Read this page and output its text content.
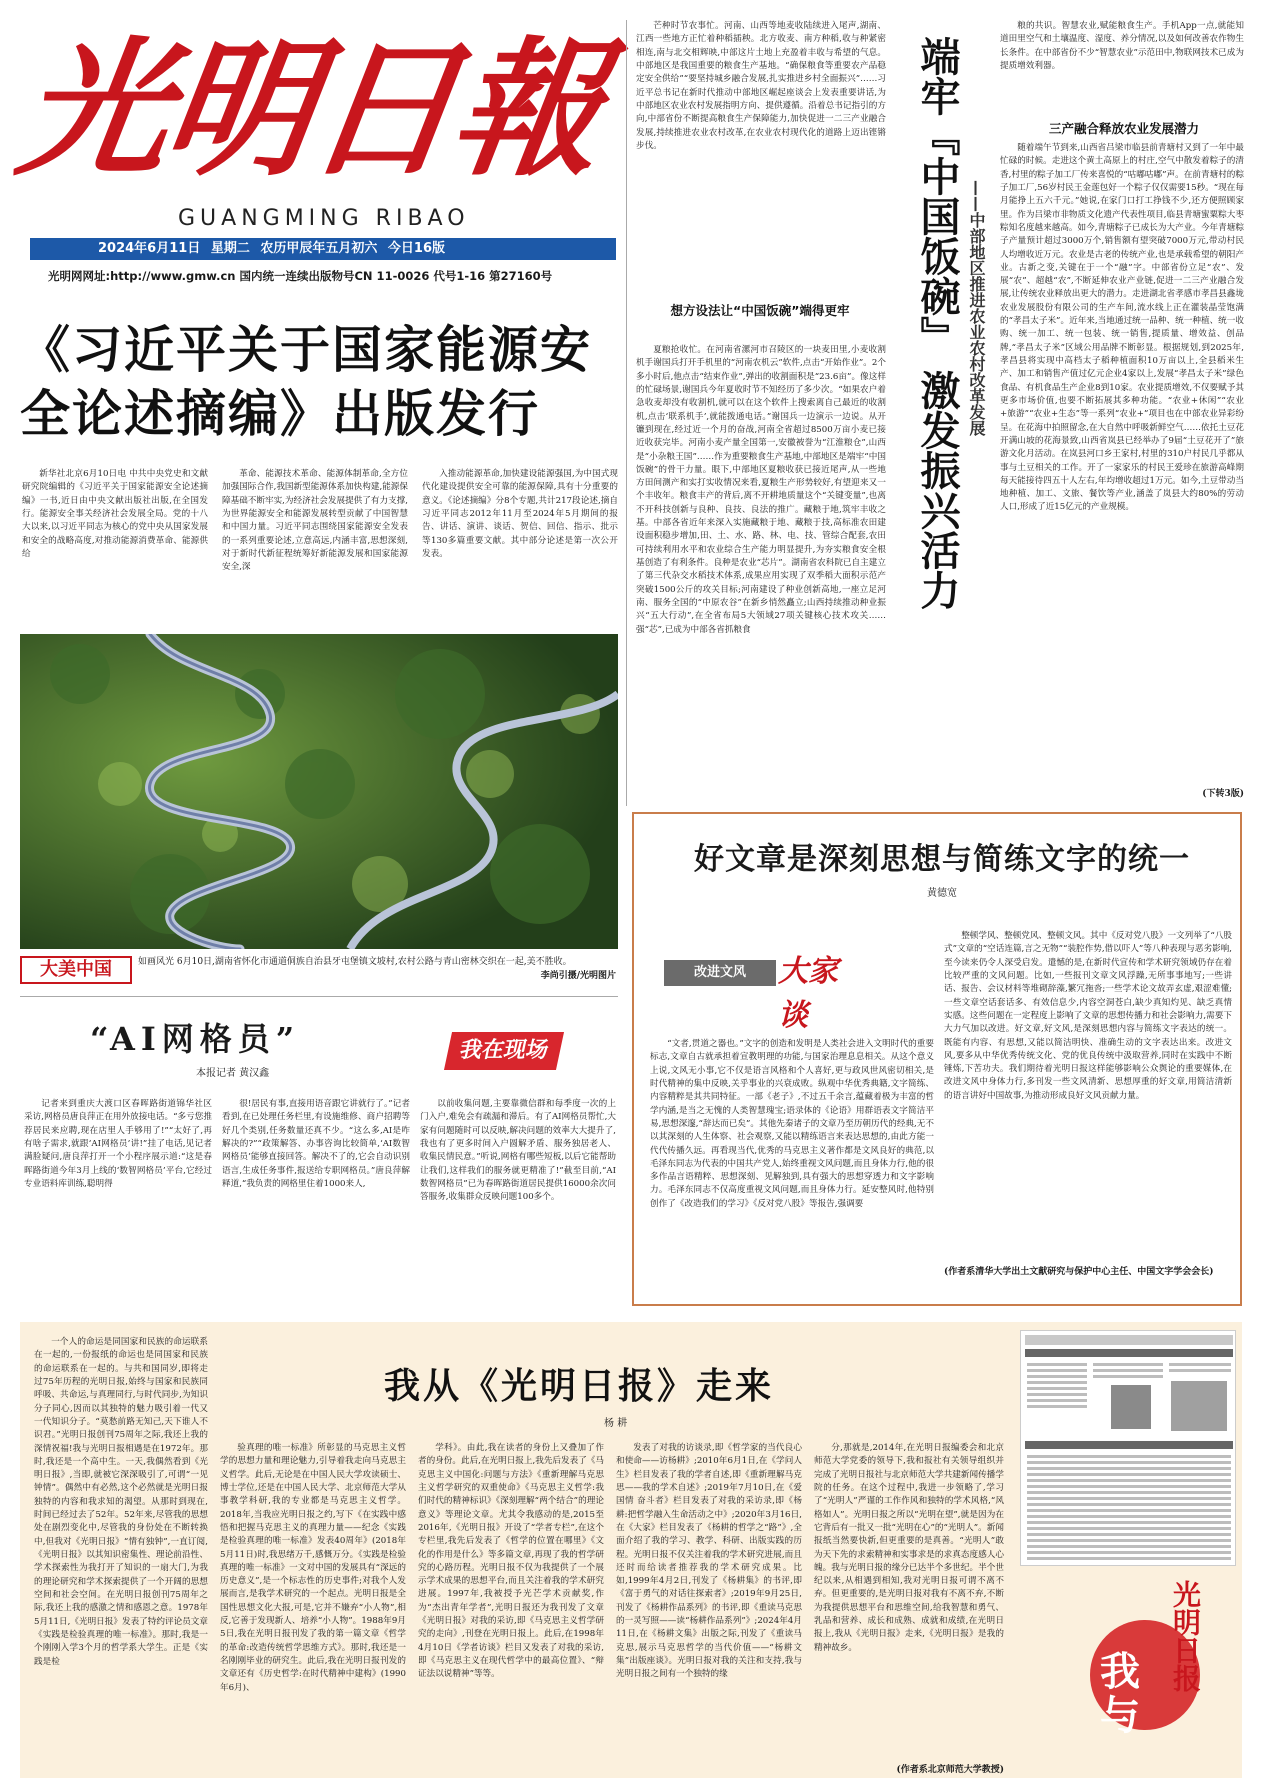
光明日報
GUANGMING RIBAO
2024年6月11日 星期二 农历甲辰年五月初六 今日16版
光明网网址:http://www.gmw.cn 国内统一连续出版物号CN 11-0026 代号1-16 第27160号
《习近平关于国家能源安全论述摘编》出版发行

新华社北京6月10日电 中共中央党史和文献研究院编辑的《习近平关于国家能源安全论述摘编》一书,近日由中央文献出版社出版,在全国发行。能源安全事关经济社会发展全局。党的十八大以来,以习近平同志为核心的党中央从国家发展和安全的战略高度,对推动能源消费革命、能源供给

革命、能源技术革命、能源体制革命,全方位加强国际合作,我国新型能源体系加快构建,能源保障基础不断牢实,为经济社会发展提供了有力支撑,为世界能源安全和能源发展转型贡献了中国智慧和中国力量。习近平同志围绕国家能源安全发表的一系列重要论述,立意高远,内涵丰富,思想深刻,对于新时代新征程统筹好新能源发展和国家能源安全,深

入推动能源革命,加快建设能源强国,为中国式现代化建设提供安全可靠的能源保障,具有十分重要的意义。《论述摘编》分8个专题,共计217段论述,摘自习近平同志2012年11月至2024年5月期间的报告、讲话、演讲、谈话、贺信、回信、指示、批示等130多篇重要文献。其中部分论述是第一次公开发表。

大美中国	如画风光 6月10日,湖南省怀化市通道侗族自治县牙屯堡镇文坡村,农村公路与青山密林交织在一起,美不胜收。
李尚引摄/光明图片
“AI网格员”
本报记者 黄汉鑫
我在现场

记者来到重庆大渡口区春晖路街道锦华社区采访,网格员唐良萍正在用外放接电话。“多亏您推荐居民来应聘,现在店里人手够用了!”“太好了,再有啥子需求,就跟‘AI网格员’讲!”挂了电话,见记者满脸疑问,唐良萍打开一个小程序展示道:“这是春晖路街道今年3月上线的‘数智网格员’平台,它经过专业语料库训练,聪明得

很!居民有事,直接用语音跟它讲就行了。”记者看到,在已处理任务栏里,有设施维修、商户招聘等好几个类别,任务数量还真不少。“这么多,AI是咋解决的?”“政策解答、办事咨询比较简单,‘AI数智网格员’能够直接回答。解决不了的,它会自动识别语言,生成任务事件,报送给专职网格员。”唐良萍解释道,“我负责的网格里住着1000来人,

以前收集问题,主要靠微信群和每季度一次的上门入户,难免会有疏漏和滞后。有了AI网格员帮忙,大家有问题随时可以反映,解决问题的效率大大提升了,我也有了更多时间入户圆解矛盾、服务独居老人、收集民情民意。”听说,网格有哪些短板,以后它能帮助让我们,这样我们的服务就更精准了!”截至目前,“AI数智网格员”已为春晖路街道居民提供16000余次问答服务,收集群众反映问题100多个。

芒种时节农事忙。河南、山西等地麦收陆续进入尾声,湖南、江西一些地方正忙着种稻插秧。北方收麦、南方种稻,收与种紧密相连,南与北交相辉映,中部这片土地上充盈着丰收与希望的气息。中部地区是我国重要的粮食生产基地。“确保粮食等重要农产品稳定安全供给”“要坚持城乡融合发展,扎实推进乡村全面振兴”……习近平总书记在新时代推动中部地区崛起座谈会上发表重要讲话,为中部地区农业农村发展指明方向、提供遵循。沿着总书记指引的方向,中部省份不断提高粮食生产保障能力,加快促进一二三产业融合发展,持续推进农业农村改革,在农业农村现代化的道路上迈出铿锵步伐。

想方设法让“中国饭碗”端得更牢

夏粮抢收忙。在河南省漯河市召陵区的一块麦田里,小麦收割机手谢国兵打开手机里的“河南农机云”软件,点击“开始作业”。2个多小时后,他点击“结束作业”,弹出的收割面积是“23.6亩”。像这样的忙碌场景,谢国兵今年夏收时节不知经历了多少次。“如果农户着急收麦却没有收割机,就可以在这个软件上搜索离自己最近的收割机,点击‘联系机手’,就能拨通电话。”谢国兵一边演示一边说。从开镰到现在,经过近一个月的奋战,河南全省超过8500万亩小麦已接近收获完毕。河南小麦产量全国第一,安徽被誉为“江淮粮仓”,山西是“小杂粮王国”……作为重要粮食生产基地,中部地区是端牢“中国饭碗”的骨干力量。眼下,中部地区夏粮收获已接近尾声,从一些地方田间测产和实打实收情况来看,夏粮生产形势较好,有望迎来又一个丰收年。粮食丰产的背后,离不开耕地质量这个“关键变量”,也离不开科技创新与良种、良技、良法的推广。藏粮于地,筑牢丰收之基。中部各省近年来深入实施藏粮于地、藏粮于技,高标准农田建设面积稳步增加,田、土、水、路、林、电、技、管综合配套,农田可持续利用水平和农业综合生产能力明显提升,为夯实粮食安全根基创造了有利条件。良种是农业“芯片”。湖南省农科院已自主建立了第三代杂交水稻技术体系,成果应用实现了双季稻大面积示范产突破1500公斤的攻关目标;河南建设了种业创新高地,一座立足河南、服务全国的“中原农谷”在新乡悄然矗立;山西持续推动种业振兴“五大行动”,在全省布局5大领域27项关键核心技术攻关……强“芯”,已成为中部各省抓粮食

端牢『中国饭碗』 激发振兴活力 ——中部地区推进农业农村改革发展

粮的共识。智慧农业,赋能粮食生产。手机App一点,就能知道田里空气和土壤温度、湿度、养分情况,以及如何改善农作物生长条件。在中部省份不少“智慧农业”示范田中,物联网技术已成为提质增效利器。

三产融合释放农业发展潜力

随着端午节到来,山西省吕梁市临县前青塘村又到了一年中最忙碌的时候。走进这个黄土高原上的村庄,空气中散发着粽子的清香,村里的粽子加工厂传来喜悦的“咕嘟咕嘟”声。在前青塘村的粽子加工厂,56岁村民王金莲包好一个粽子仅仅需要15秒。“现在每月能挣上五六千元。”她说,在家门口打工挣钱不少,还方便照顾家里。作为吕梁市非物质文化遗产代表性项目,临县青塘蜜粟粽大枣粽知名度越来越高。如今,青塘粽子已成长为大产业。今年青塘粽子产量预计超过3000万个,销售额有望突破7000万元,带动村民人均增收近万元。农业是古老的传统产业,也是承载希望的朝阳产业。古新之变,关键在于一个“融”字。中部省份立足“农”、发展“农”、超越“农”,不断延伸农业产业链,促进一二三产业融合发展,让传统农业释放出更大的潜力。走进湖北省孝感市孝昌县鑫垅农业发展股份有限公司的生产车间,流水线上正在灌装晶莹饱满的“孝昌太子米”。近年来,当地通过统一品种、统一种植、统一收购、统一加工、统一包装、统一销售,提质量、增效益、创品牌,“孝昌太子米”区域公用品牌不断彰显。根据规划,到2025年,孝昌县将实现中高档太子稻种植面积10万亩以上,全县稻米生产、加工和销售产值过亿元企业4家以上,发展“孝昌太子米”绿色食品、有机食品生产企业8到10家。农业提质增效,不仅要赋予其更多市场价值,也要不断拓展其多种功能。“农业+休闲”“农业+旅游”“农业+生态”等一系列“农业+”项目也在中部农业异彩纷呈。在花海中拍照留念,在大自然中呼吸新鲜空气……依托土豆花开满山坡的花海景致,山西省岚县已经举办了9届“土豆花开了”旅游文化月活动。在岚县河口乡王家村,村里的310户村民几乎都从事与土豆相关的工作。开了一家家乐的村民王爱珍在旅游高峰期每天能接待四五十人左右,年均增收超过1万元。如今,土豆带动当地种植、加工、文旅、餐饮等产业,涵盖了岚县大约80%的劳动人口,形成了近15亿元的产业规模。

(下转3版)
好文章是深刻思想与简练文字的统一
黄德宽
改进文风	大家谈

“文者,贯道之器也。”文字的创造和发明是人类社会进入文明时代的重要标志,文章自古就承担着宣教明理的功能,与国家治理息息相关。从这个意义上说,文风无小事,它不仅是语言风格和个人喜好,更与政风世风密切相关,是时代精神的集中反映,关乎事业的兴衰成败。纵观中华优秀典籍,文字简练、内容精粹是其共同特征。一部《老子》,不过五千余言,蕴藏着极为丰富的哲学内涵,是当之无愧的人类智慧瑰宝;语录体的《论语》用群语表文字简洁平易,思想深邃,“辞达而已矣”。其他先秦诸子的文章乃至历朝历代的经典,无不以其深刻的人生体察、社会观察,又能以精练语言来表达思想的,由此方能一代代传播久远。再看现当代,优秀的马克思主义著作都是文风良好的典范,以毛泽东同志为代表的中国共产党人,始终重视文风问题,而且身体力行,他的很多作品言语精粹、思想深刻、见解独到,具有强大的思想穿透力和文字影响力。毛泽东同志不仅高度重视文风问题,而且身体力行。延安整风时,他特别创作了《改造我们的学习》《反对党八股》等报告,强调要

整顿学风、整顿党风、整顿文风。其中《反对党八股》一文列举了“八股式”文章的“空话连篇,言之无物”“装腔作势,借以吓人”等八种表现与恶劣影响,至今读来仍令人深受启发。遣憾的是,在新时代宣传和学术研究领域仍存在着比较严重的文风问题。比如,一些报刊文章文风浮躁,无所事事地写;一些讲话、报告、会议材料等堆砌辞藻,繁冗拖沓;一些学术论文故弄玄虚,艰涩难懂;一些文章空话套话多、有效信息少,内容空洞苍白,缺少真知灼见、缺乏真情实感。这些问题在一定程度上影响了文章的思想传播力和社会影响力,需要下大力气加以改进。好文章,好文风,是深刻思想内容与简练文字表达的统一。既能有内容、有思想,又能以简洁明快、准确生动的文字表达出来。改进文风,要多从中华优秀传统文化、党的优良传统中汲取营养,同时在实践中不断锤炼,下苦功夫。我们期待着光明日报这样能够影响公众舆论的重要媒体,在改进文风中身体力行,多刊发一些文风清新、思想厚重的好文章,用简洁清新的语言讲好中国故事,为推动形成良好文风贡献力量。

(作者系清华大学出土文献研究与保护中心主任、中国文字学会会长)
我从《光明日报》走来
杨 耕

一个人的命运是同国家和民族的命运联系在一起的,一份报纸的命运也是同国家和民族的命运联系在一起的。与共和国同岁,即将走过75年历程的光明日报,始终与国家和民族同呼吸、共命运,与真理同行,与时代同步,为知识分子同心,因而以其独特的魅力吸引着一代又一代知识分子。“莫愁前路无知己,天下谁人不识君。”光明日报创刊75周年之际,我还上我的深情祝福!我与光明日报相遇是在1972年。那时,我还是一个高中生。一天,我偶然看到《光明日报》,当即,就被它深深吸引了,可谓“一见钟情”。偶然中有必然,这个必然就是光明日报独特的内容和我求知的渴望。从那时到现在,时间已经过去了52年。52年来,尽管我的思想处在剧烈变化中,尽管我的身份处在不断转换中,但我对《光明日报》“情有独钟”,一直订阅,《光明日报》以其知识密集性、理论前沿性、学术探索性为我打开了知识的一扇大门,为我的理论研究和学术探索提供了一个开阔的思想空间和社会空间。在光明日报创刊75周年之际,我还上我的感激之情和感恩之意。1978年5月11日,《光明日报》发表了特约评论员文章《实践是检验真理的唯一标准》。那时,我是一个刚刚入学3个月的哲学系大学生。正是《实践是检

验真理的唯一标准》所彰显的马克思主义哲学的思想力量和理论魅力,引导着我走向马克思主义哲学。此后,无论是在中国人民大学攻读硕士、博士学位,还是在中国人民大学、北京师范大学从事教学科研,我的专业都是马克思主义哲学。2018年,当我应光明日报之约,写下《在实践中感悟和把握马克思主义的真理力量——纪念《实践是检验真理的唯一标准》发表40周年》(2018年5月11日)时,我思绪万千,感慨万分。《实践是检验真理的唯一标准》一文对中国的发展具有“深远的历史意义”,是一个标志性的历史事件;对我个人发展而言,是我学术研究的一个起点。光明日报是全国性思想文化大报,可是,它并不嫌弃“小人物”,相反,它善于发现新人、培养“小人物”。1988年9月5日,我在光明日报刊发了我的第一篇文章《哲学的革命:改造传统哲学思维方式》。那时,我还是一名刚刚毕业的研究生。此后,我在光明日报刊发的文章还有《历史哲学:在时代精神中建构》(1990年6月)、

学科》。由此,我在读者的身份上又叠加了作者的身份。此后,在光明日报上,我先后发表了《马克思主义中国化:问题与方法》《重新理解马克思主义哲学研究的双重使命》《马克思主义哲学:我们时代的精神标识》《深刻理解“两个结合”的理论意义》等理论文章。尤其令我感动的是,2015至2016年,《光明日报》开设了“学者专栏”,在这个专栏里,我先后发表了《哲学的位置在哪里》《文化的作用是什么》等多篇文章,再现了我的哲学研究的心路历程。光明日报不仅为我提供了一个展示学术成果的思想平台,而且关注着我的学术研究进展。1997年,我被授予光芒学术贡献奖,作为“杰出青年学者”,光明日报还为我刊发了文章《光明日报》对我的采访,即《马克思主义哲学研究的走向》,刊登在光明日报上。此后,在1998年4月10日《学者访谈》栏目又发表了对我的采访,即《马克思主义在现代哲学中的最高位置》、“辩证法以说精神”等等。

发表了对我的访谈录,即《哲学家的当代良心和使命——访杨耕》;2010年6月1日,在《学问人生》栏目发表了我的学者自述,即《重新理解马克思——我的学术自述》;2019年7月10日,在《爱国情 奋斗者》栏目发表了对我的采访录,即《杨耕:把哲学融入生命活动之中》;2020年3月16日,在《大家》栏目发表了《杨耕的哲学之“路”》,全面介绍了我的学习、教学、科研、出版实践的历程。光明日报不仅关注着我的学术研究进展,而且还时而给读者推荐我的学术研究成果。比如,1999年4月2日,刊发了《杨耕集》的书评,即《富于勇气的对话往探索者》;2019年9月25日,刊发了《杨耕作品系列》的书评,即《重读马克思的一灵写照——读“杨耕作品系列”》;2024年4月11日,在《杨耕文集》出版之际,刊发了《重读马克思,展示马克思哲学的当代价值——“杨耕文集”出版座谈》。光明日报对我的关注和支持,我与光明日报之间有一个独特的缘

分,那就是,2014年,在光明日报编委会和北京师范大学党委的领导下,我和报社有关领导组织并完成了光明日报社与北京师范大学共建新闻传播学院的任务。在这个过程中,我进一步领略了,学习了“光明人”严谨的工作作风和独特的学术风格,“风格如人”。光明日报之所以“光明在望”,就是因为在它背后有一批又一批“光明在心”的“光明人”。新闻报纸当然要快新,但更重要的是真善。“光明人”敢为天下先的求索精神和实事求是的求真态度感人心魄。我与光明日报的缘分已达半个多世纪。半个世纪以来,从相遇到相知,我对光明日报可谓不离不弃。但更重要的,是光明日报对我有不离不弃,不断为我提供思想平台和思维空间,给我智慧和勇气、乳品和营养、成长和成熟、成就和成绩,在光明日报上,我从《光明日报》走来,《光明日报》是我的精神故乡。

(作者系北京师范大学教授)
我与
光明日报
